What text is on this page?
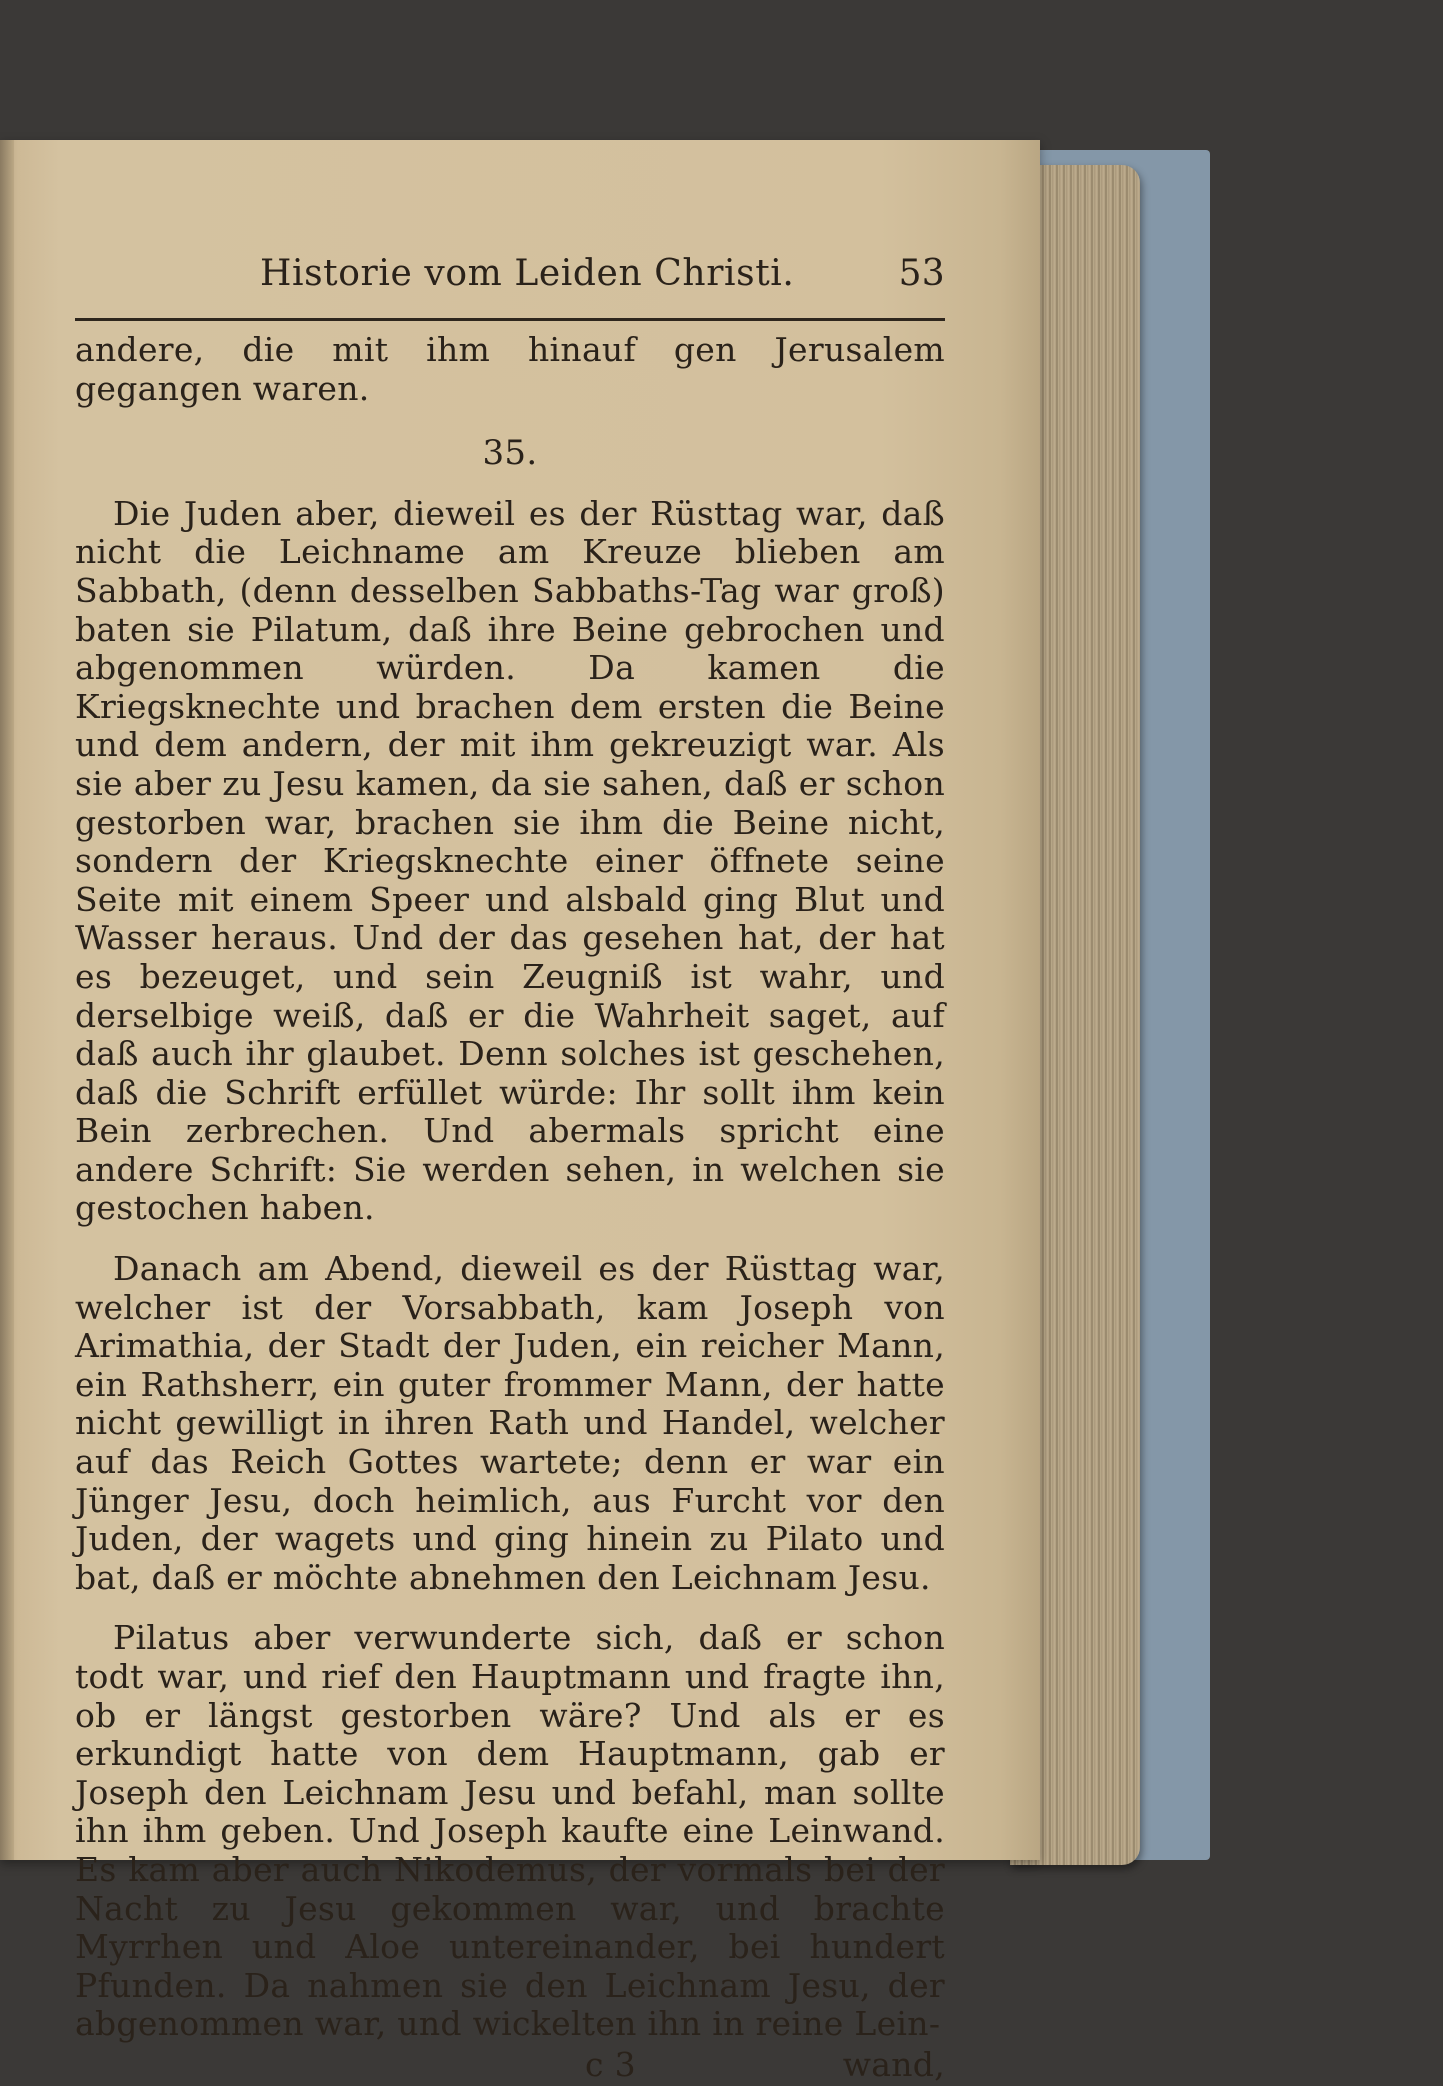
Historie vom Leiden Christi.	53

andere, die mit ihm hinauf gen Jerusalem gegangen waren.

35.

Die Juden aber, dieweil es der Rüsttag war, daß nicht die Leichname am Kreuze blieben am Sabbath, (denn desselben Sabbaths-Tag war groß) baten sie Pilatum, daß ihre Beine gebrochen und abgenommen würden. Da kamen die Kriegsknechte und brachen dem ersten die Beine und dem andern, der mit ihm gekreuzigt war. Als sie aber zu Jesu kamen, da sie sahen, daß er schon gestorben war, brachen sie ihm die Beine nicht, sondern der Kriegsknechte einer öffnete seine Seite mit einem Speer und alsbald ging Blut und Wasser heraus. Und der das gesehen hat, der hat es bezeuget, und sein Zeugniß ist wahr, und derselbige weiß, daß er die Wahrheit saget, auf daß auch ihr glaubet. Denn solches ist geschehen, daß die Schrift erfüllet würde: Ihr sollt ihm kein Bein zerbrechen. Und abermals spricht eine andere Schrift: Sie werden sehen, in welchen sie gestochen haben.

Danach am Abend, dieweil es der Rüsttag war, welcher ist der Vorsabbath, kam Joseph von Arimathia, der Stadt der Juden, ein reicher Mann, ein Rathsherr, ein guter frommer Mann, der hatte nicht gewilligt in ihren Rath und Handel, welcher auf das Reich Gottes wartete; denn er war ein Jünger Jesu, doch heimlich, aus Furcht vor den Juden, der wagets und ging hinein zu Pilato und bat, daß er möchte abnehmen den Leichnam Jesu.

Pilatus aber verwunderte sich, daß er schon todt war, und rief den Hauptmann und fragte ihn, ob er längst gestorben wäre? Und als er es erkundigt hatte von dem Hauptmann, gab er Joseph den Leichnam Jesu und befahl, man sollte ihn ihm geben. Und Joseph kaufte eine Leinwand. Es kam aber auch Nikodemus, der vormals bei der Nacht zu Jesu gekommen war, und brachte Myrrhen und Aloe untereinander, bei hundert Pfunden. Da nahmen sie den Leichnam Jesu, der abgenommen war, und wickelten ihn in reine Lein-

c 3	wand,
